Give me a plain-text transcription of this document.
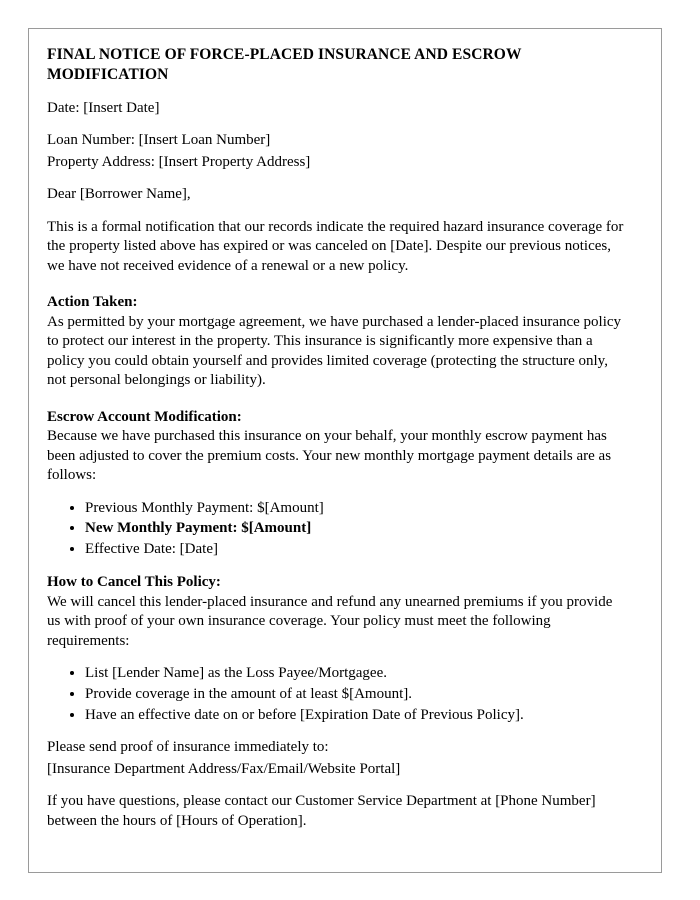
FINAL NOTICE OF FORCE-PLACED INSURANCE AND ESCROW MODIFICATION

Date: [Insert Date]

Loan Number: [Insert Loan Number]

Property Address: [Insert Property Address]

Dear [Borrower Name],

This is a formal notification that our records indicate the required hazard insurance coverage for the property listed above has expired or was canceled on [Date]. Despite our previous notices, we have not received evidence of a renewal or a new policy.

Action Taken:

As permitted by your mortgage agreement, we have purchased a lender-placed insurance policy to protect our interest in the property. This insurance is significantly more expensive than a policy you could obtain yourself and provides limited coverage (protecting the structure only, not personal belongings or liability).

Escrow Account Modification:

Because we have purchased this insurance on your behalf, your monthly escrow payment has been adjusted to cover the premium costs. Your new monthly mortgage payment details are as follows:

• Previous Monthly Payment: $[Amount]
• New Monthly Payment: $[Amount]
• Effective Date: [Date]

How to Cancel This Policy:

We will cancel this lender-placed insurance and refund any unearned premiums if you provide us with proof of your own insurance coverage. Your policy must meet the following requirements:

• List [Lender Name] as the Loss Payee/Mortgagee.
• Provide coverage in the amount of at least $[Amount].
• Have an effective date on or before [Expiration Date of Previous Policy].

Please send proof of insurance immediately to:

[Insurance Department Address/Fax/Email/Website Portal]

If you have questions, please contact our Customer Service Department at [Phone Number] between the hours of [Hours of Operation].
